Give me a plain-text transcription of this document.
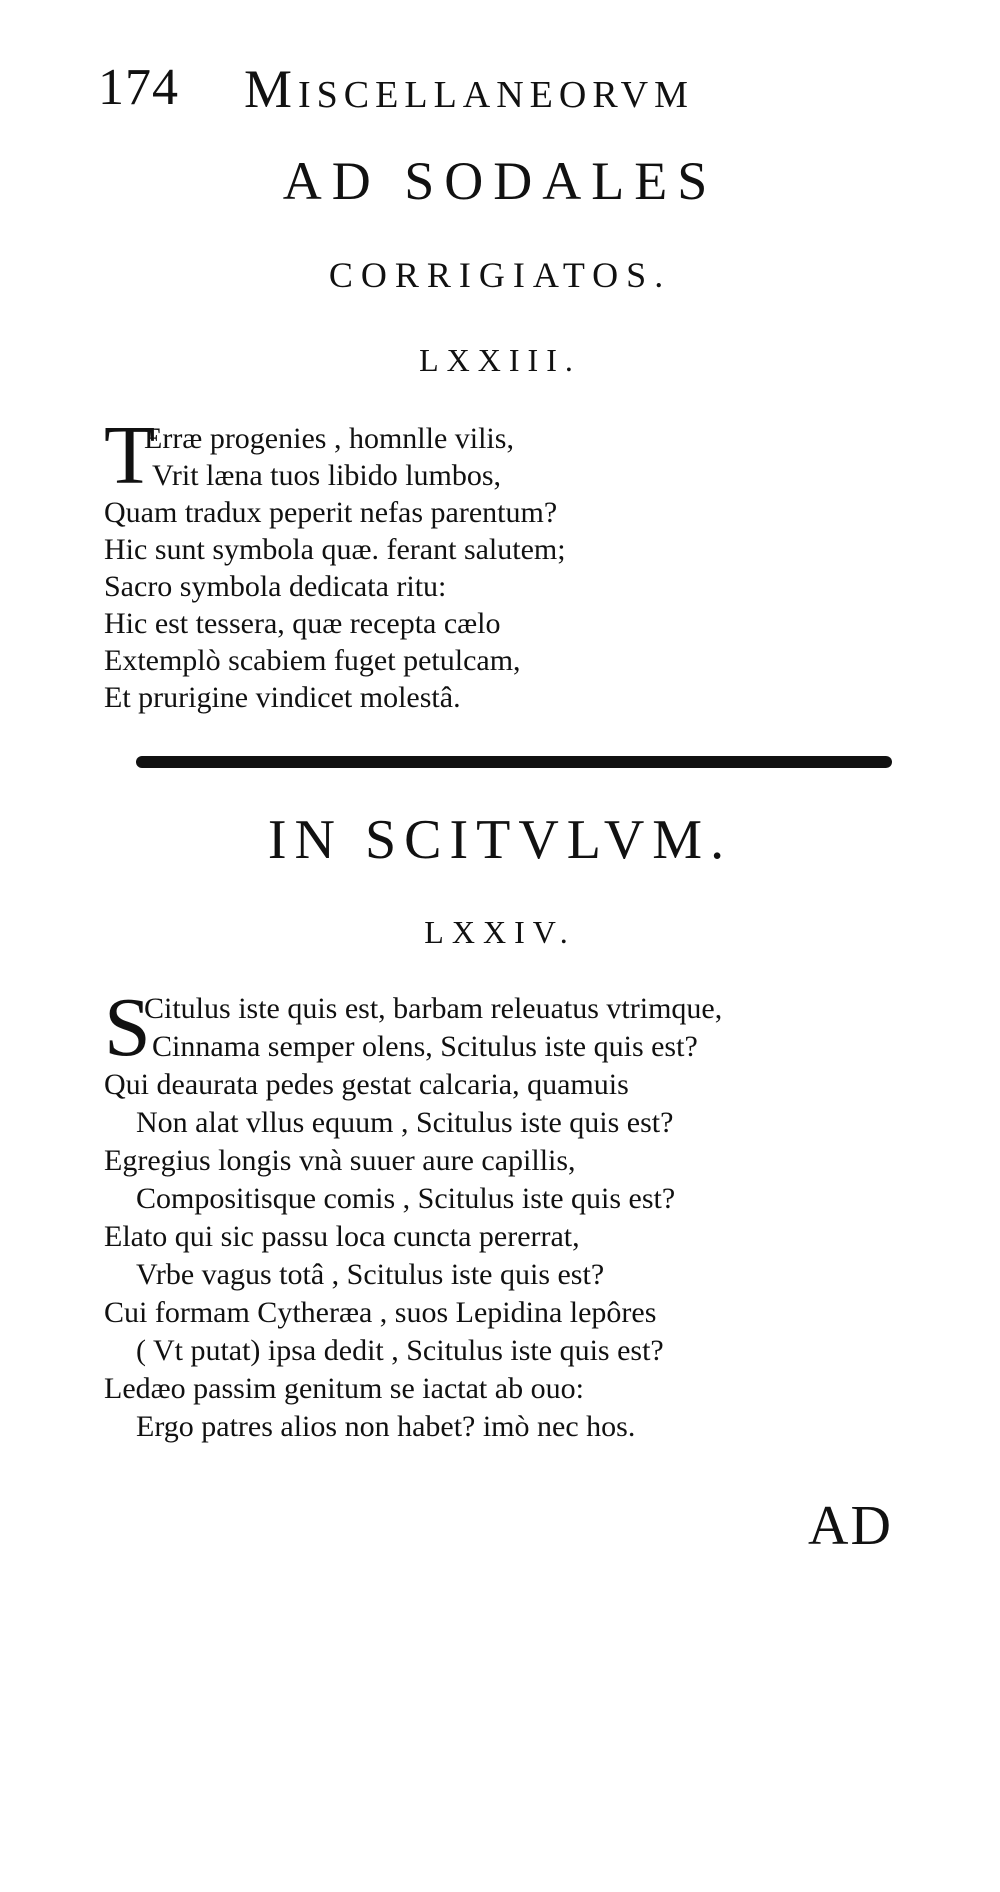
174 Miscellaneorvm
AD SODALES
CORRIGIATOS.
LXXIII.
T
Erræ progenies , homnlle vilis,
Vrit læna tuos libido lumbos,
Quam tradux peperit nefas parentum?
Hic sunt symbola quæ. ferant salutem;
Sacro symbola dedicata ritu:
Hic est tessera, quæ recepta cælo
Extemplò scabiem fuget petulcam,
Et prurigine vindicet molestâ.
IN SCITVLVM.
LXXIV.
S
Citulus iste quis est, barbam releuatus vtrimque,
Cinnama semper olens, Scitulus iste quis est?
Qui deaurata pedes gestat calcaria, quamuis
Non alat vllus equum , Scitulus iste quis est?
Egregius longis vnà suuer aure capillis,
Compositisque comis , Scitulus iste quis est?
Elato qui sic passu loca cuncta pererrat,
Vrbe vagus totâ , Scitulus iste quis est?
Cui formam Cytheræa , suos Lepidina lepôres
( Vt putat) ipsa dedit , Scitulus iste quis est?
Ledæo passim genitum se iactat ab ouo:
Ergo patres alios non habet? imò nec hos.
AD
